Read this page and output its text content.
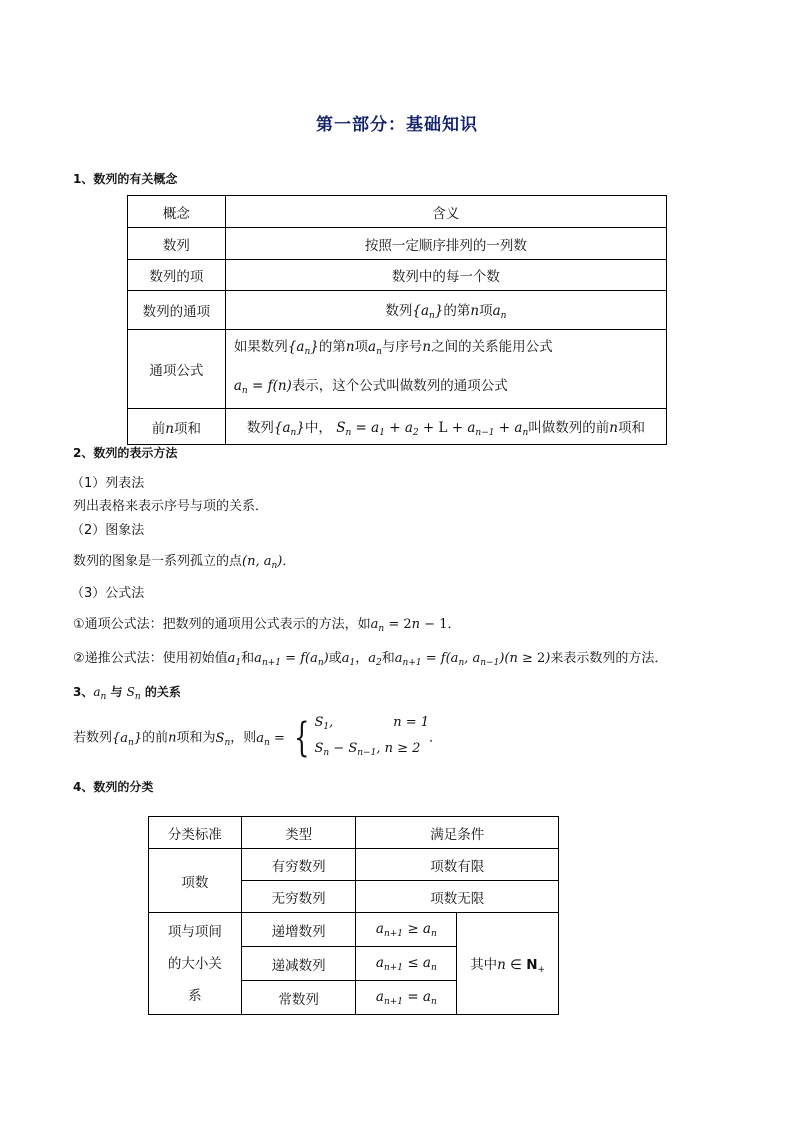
第一部分：基础知识
1、数列的有关概念
概念	含义
数列	按照一定顺序排列的一列数
数列的项	数列中的每一个数
数列的通项	数列$\{a_n\}$的第n项$a_n$
通项公式	如果数列$\{a_n\}$的第n项$a_n$与序号n之间的关系能用公式
$a_n = f(n)$表示，这个公式叫做数列的通项公式
前n项和	数列$\{a_n\}$中， $S_n = a_1 + a_2 + L + a_{n-1} + a_n$叫做数列的前n项和
2、数列的表示方法
（1）列表法
列出表格来表示序号与项的关系．
（2）图象法
数列的图象是一系列孤立的点(n, $a_n$)．
（3）公式法
①通项公式法：把数列的通项用公式表示的方法，如$a_n = 2n - 1$．
②递推公式法：使用初始值$a_1$和$a_{n+1} = f(a_n)$或$a_1$，$a_2$和$a_{n+1} = f(a_n$, $a_{n-1})(n \ge 2)$来表示数列的方法．
3、$a_n$ 与 $S_n$ 的关系
若数列$\{a_n\}$的前n项和为$S_n$，则$a_n$ = { $S_1$,	n = 1
$S_n - S_{n-1}$, n ≥ 2．
4、数列的分类
分类标准	类型	满足条件	
项数	有穷数列	项数有限	
	无穷数列	项数无限	
项与项间
的大小关
系	递增数列	$a_{n+1} \ge a_n$	其中n ∈ $N_+$
	递减数列	$a_{n+1} \le a_n$
	常数列	$a_{n+1} = a_n$
